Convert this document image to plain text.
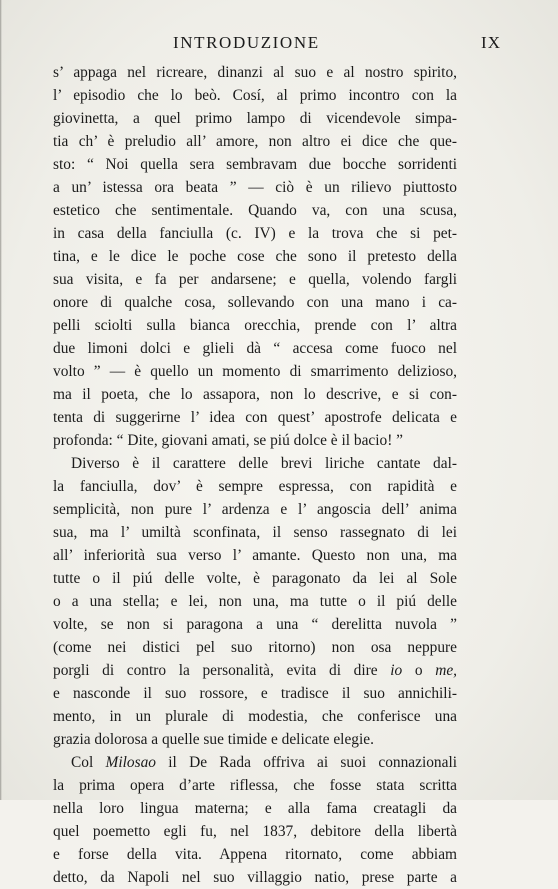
INTRODUZIONE	IX
s’ appaga nel ricreare, dinanzi al suo e al nostro spirito,
l’ episodio che lo beò. Cosí, al primo incontro con la
giovinetta, a quel primo lampo di vicendevole simpa-
tia ch’ è preludio all’ amore, non altro ei dice che que-
sto: “ Noi quella sera sembravam due bocche sorridenti
a un’ istessa ora beata ” — ciò è un rilievo piuttosto
estetico che sentimentale. Quando va, con una scusa,
in casa della fanciulla (c. IV) e la trova che si pet-
tina, e le dice le poche cose che sono il pretesto della
sua visita, e fa per andarsene; e quella, volendo fargli
onore di qualche cosa, sollevando con una mano i ca-
pelli sciolti sulla bianca orecchia, prende con l’ altra
due limoni dolci e glieli dà “ accesa come fuoco nel
volto ” — è quello un momento di smarrimento delizioso,
ma il poeta, che lo assapora, non lo descrive, e si con-
tenta di suggerirne l’ idea con quest’ apostrofe delicata e
profonda: “ Dite, giovani amati, se piú dolce è il bacio! ”
Diverso è il carattere delle brevi liriche cantate dal-
la fanciulla, dov’ è sempre espressa, con rapidità e
semplicità, non pure l’ ardenza e l’ angoscia dell’ anima
sua, ma l’ umiltà sconfinata, il senso rassegnato di lei
all’ inferiorità sua verso l’ amante. Questo non una, ma
tutte o il piú delle volte, è paragonato da lei al Sole
o a una stella; e lei, non una, ma tutte o il piú delle
volte, se non si paragona a una “ derelitta nuvola ”
(come nei distici pel suo ritorno) non osa neppure
porgli di contro la personalità, evita di dire io o me,
e nasconde il suo rossore, e tradisce il suo annichili-
mento, in un plurale di modestia, che conferisce una
grazia dolorosa a quelle sue timide e delicate elegie.
Col Milosao il De Rada offriva ai suoi connazionali
la prima opera d’arte riflessa, che fosse stata scritta
nella loro lingua materna; e alla fama creatagli da
quel poemetto egli fu, nel 1837, debitore della libertà
e forse della vita. Appena ritornato, come abbiam
detto, da Napoli nel suo villaggio natio, prese parte a
